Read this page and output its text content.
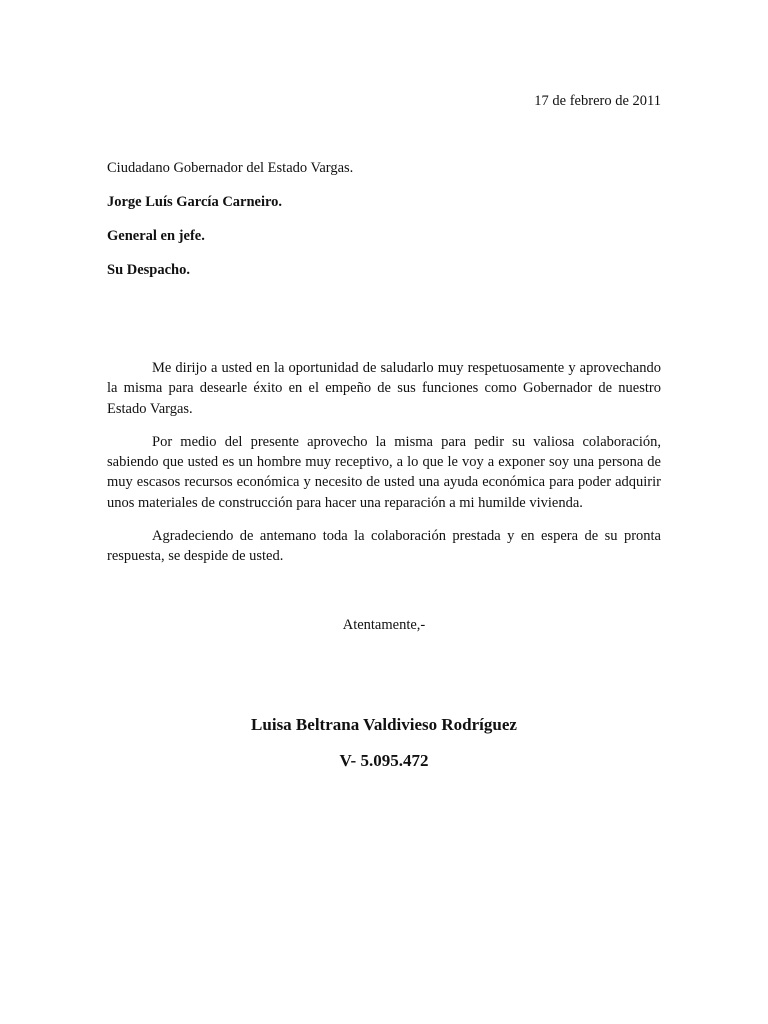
17 de febrero de 2011

Ciudadano Gobernador del Estado Vargas.

Jorge Luís García Carneiro.

General en jefe.

Su Despacho.

Me dirijo a usted en la oportunidad de saludarlo muy respetuosamente y aprovechando la misma para desearle éxito en el empeño de sus funciones como Gobernador de nuestro Estado Vargas.

Por medio del presente aprovecho la misma para pedir su valiosa colaboración, sabiendo que usted es un hombre muy receptivo, a lo que le voy a exponer soy una persona de muy escasos recursos económica y necesito de usted una ayuda económica para poder adquirir unos materiales de construcción para hacer una reparación a mi humilde vivienda.

Agradeciendo de antemano toda la colaboración prestada y en espera de su pronta respuesta, se despide de usted.

Atentamente,-
Luisa Beltrana Valdivieso Rodríguez
V- 5.095.472
